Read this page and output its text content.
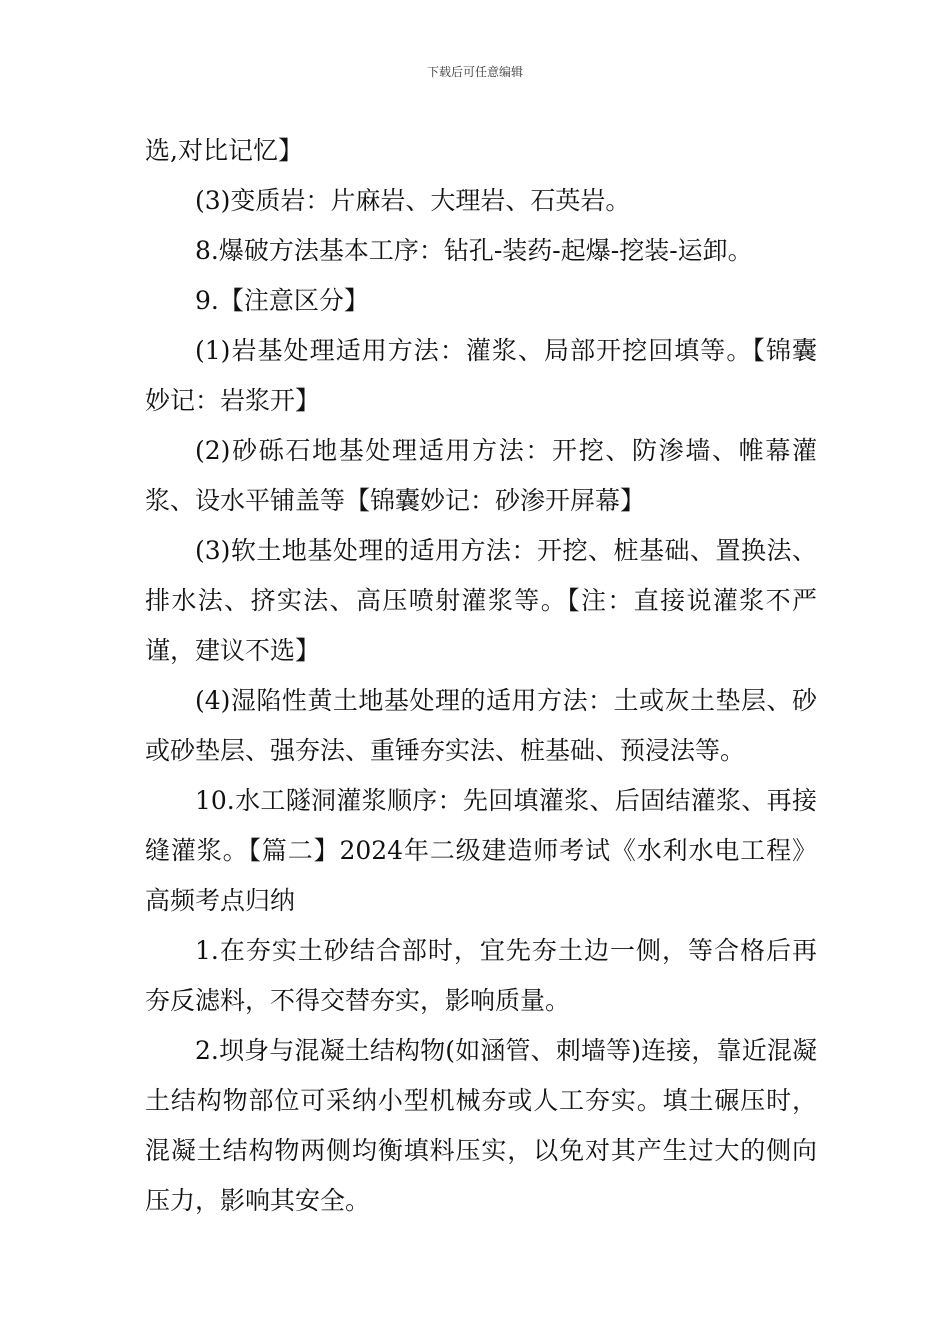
下载后可任意编辑

选,对比记忆】

(3)变质岩：片麻岩、大理岩、石英岩。

8.爆破方法基本工序：钻孔-装药-起爆-挖装-运卸。

9.【注意区分】

(1)岩基处理适用方法：灌浆、局部开挖回填等。【锦囊妙记：岩浆开】

(2)砂砾石地基处理适用方法：开挖、防渗墙、帷幕灌浆、设水平铺盖等【锦囊妙记：砂渗开屏幕】

(3)软土地基处理的适用方法：开挖、桩基础、置换法、排水法、挤实法、高压喷射灌浆等。【注：直接说灌浆不严谨，建议不选】

(4)湿陷性黄土地基处理的适用方法：土或灰土垫层、砂或砂垫层、强夯法、重锤夯实法、桩基础、预浸法等。

10.水工隧洞灌浆顺序：先回填灌浆、后固结灌浆、再接缝灌浆。【篇二】2024年二级建造师考试《水利水电工程》高频考点归纳

1.在夯实土砂结合部时，宜先夯土边一侧，等合格后再夯反滤料，不得交替夯实，影响质量。

2.坝身与混凝土结构物(如涵管、刺墙等)连接，靠近混凝土结构物部位可采纳小型机械夯或人工夯实。填土碾压时，混凝土结构物两侧均衡填料压实，以免对其产生过大的侧向压力，影响其安全。
